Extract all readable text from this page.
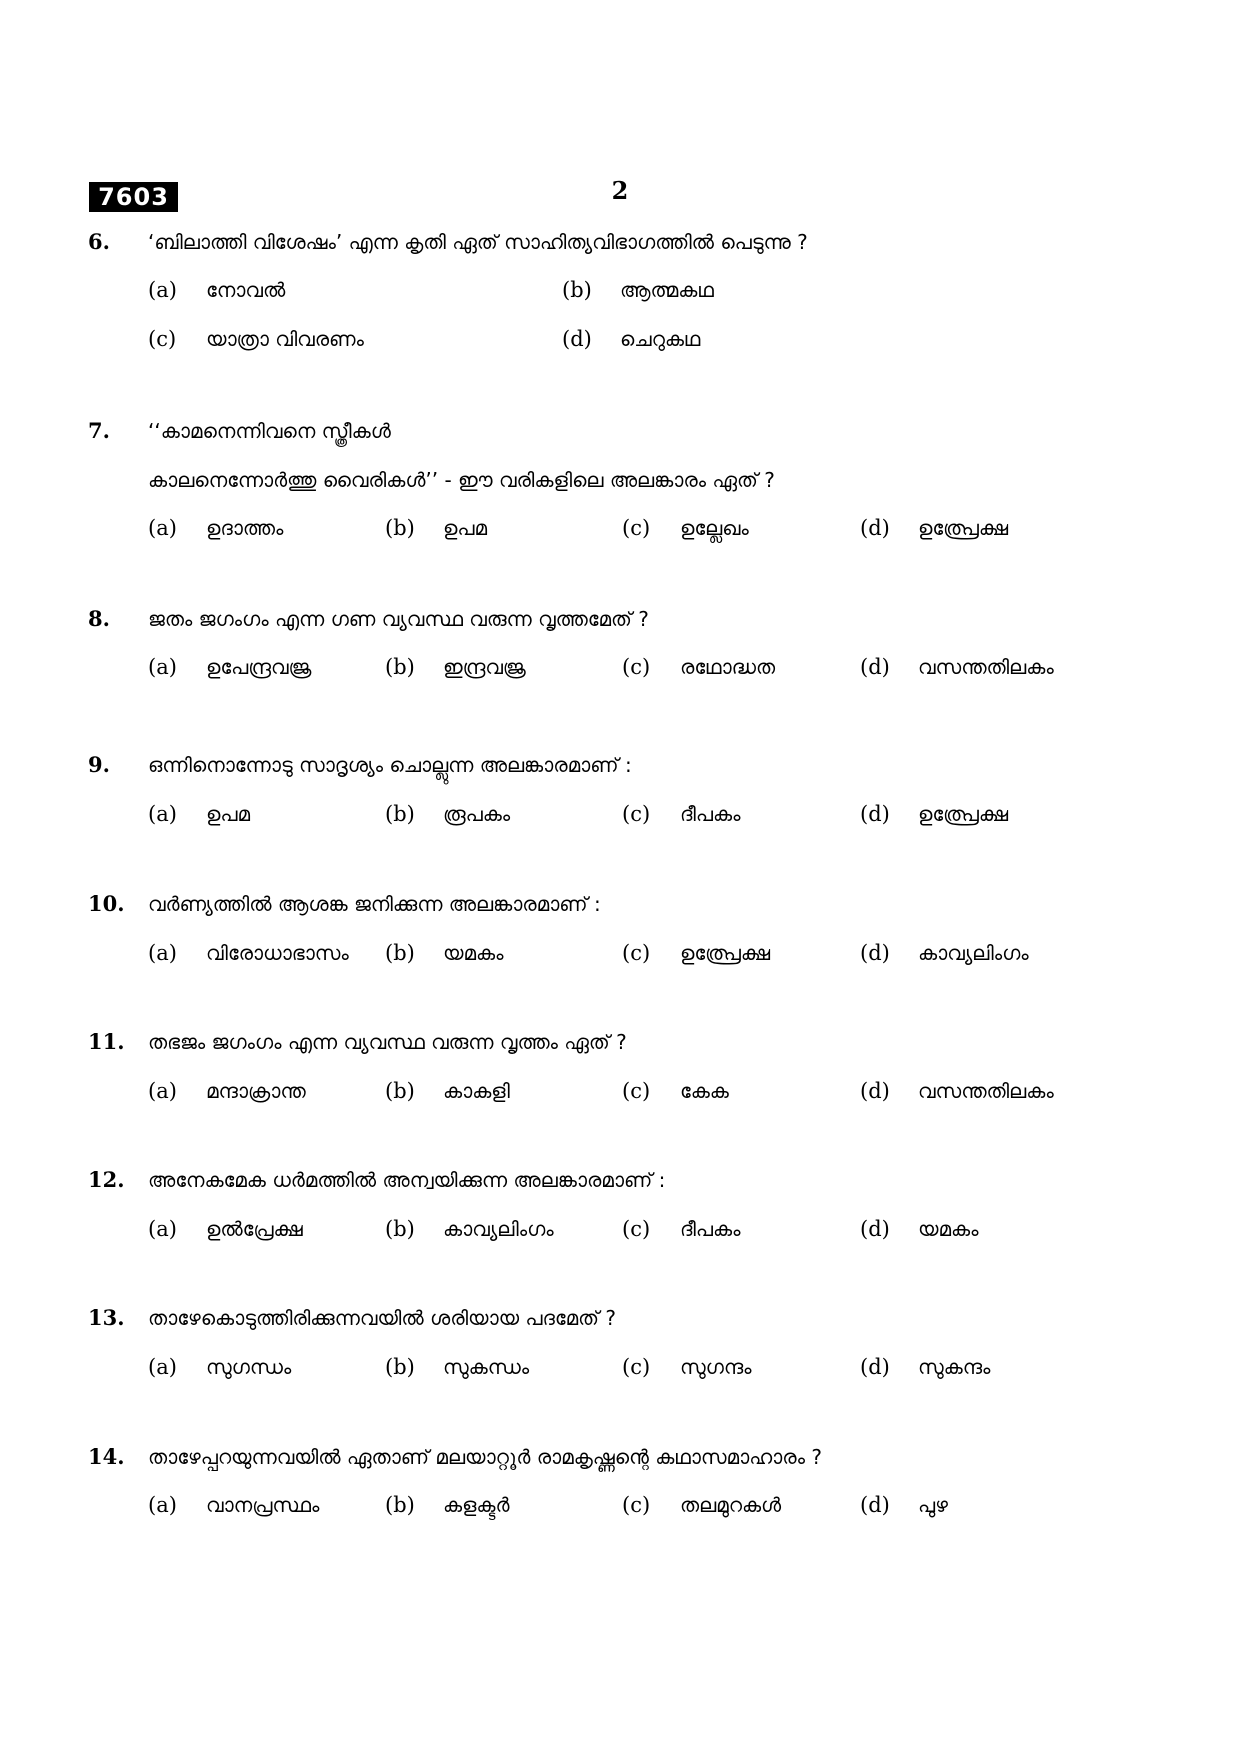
7603	2
6. ‘ബിലാത്തി വിശേഷം’ എന്ന കൃതി ഏത് സാഹിത്യവിഭാഗത്തിൽ പെടുന്നു ?
(a) നോവൽ	(b) ആത്മകഥ
(c) യാത്രാ വിവരണം	(d) ചെറുകഥ
7. ‘‘കാമനെന്നിവനെ സ്ത്രീകൾ
കാലനെന്നോർത്തു വൈരികൾ’’ - ഈ വരികളിലെ അലങ്കാരം ഏത് ?
(a) ഉദാത്തം	(b) ഉപമ	(c) ഉല്ലേഖം	(d) ഉത്പ്രേക്ഷ
8. ജതം ജഗംഗം എന്ന ഗണ വ്യവസ്ഥ വരുന്ന വൃത്തമേത് ?
(a) ഉപേന്ദ്രവജ്ര	(b) ഇന്ദ്രവജ്ര	(c) രഥോദ്ധത	(d) വസന്തതിലകം
9. ഒന്നിനൊന്നോടു സാദൃശ്യം ചൊല്ലുന്ന അലങ്കാരമാണ് :
(a) ഉപമ	(b) രൂപകം	(c) ദീപകം	(d) ഉത്പ്രേക്ഷ
10. വർണ്യത്തിൽ ആശങ്ക ജനിക്കുന്ന അലങ്കാരമാണ് :
(a) വിരോധാഭാസം (b) യമകം	(c) ഉത്പ്രേക്ഷ	(d) കാവ്യലിംഗം
11. തഭജം ജഗംഗം എന്ന വ്യവസ്ഥ വരുന്ന വൃത്തം ഏത് ?
(a) മന്ദാക്രാന്ത	(b) കാകളി	(c) കേക	(d) വസന്തതിലകം
12. അനേകമേക ധർമത്തിൽ അന്വയിക്കുന്ന അലങ്കാരമാണ് :
(a) ഉൽപ്രേക്ഷ	(b) കാവ്യലിംഗം	(c) ദീപകം	(d) യമകം
13. താഴേകൊടുത്തിരിക്കുന്നവയിൽ ശരിയായ പദമേത് ?
(a) സുഗന്ധം	(b) സുകന്ധം	(c) സുഗന്ദം	(d) സുകന്ദം
14. താഴേപ്പറയുന്നവയിൽ ഏതാണ് മലയാറ്റൂർ രാമകൃഷ്ണന്റെ കഥാസമാഹാരം ?
(a) വാനപ്രസ്ഥം	(b) കളക്ടർ	(c) തലമുറകൾ	(d) പുഴ
